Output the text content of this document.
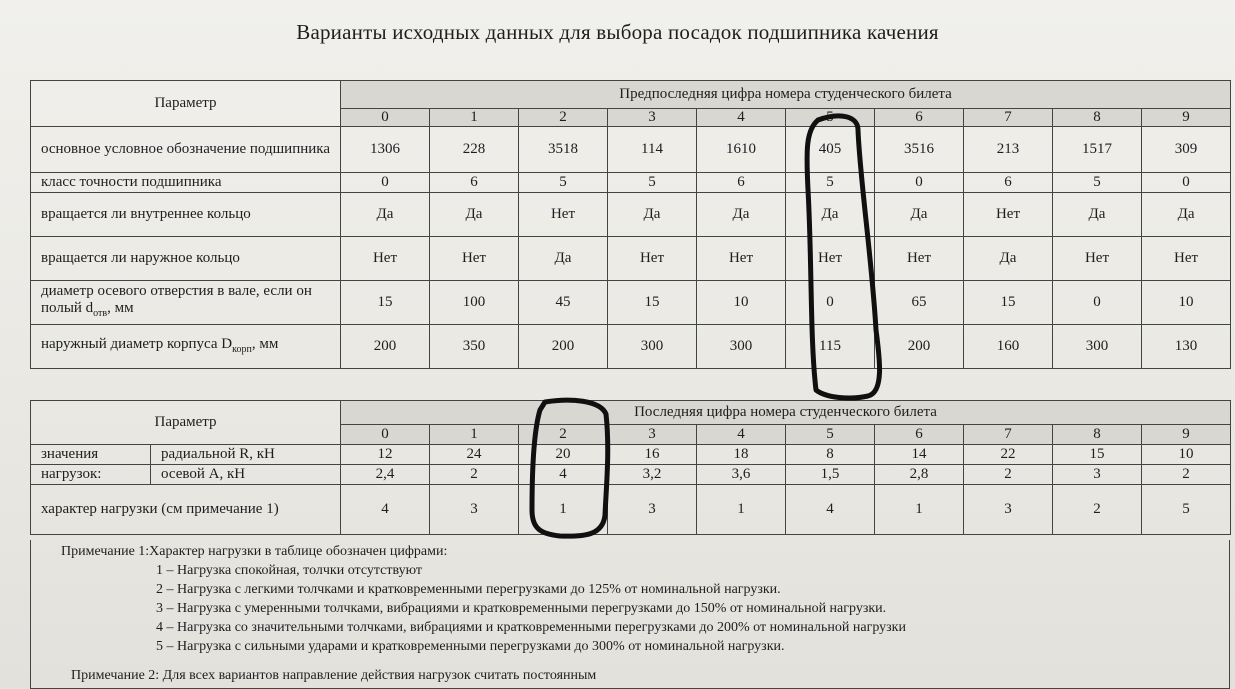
Варианты исходных данных для выбора посадок подшипника качения
Параметр	Предпоследняя цифра номера студенческого билета									
	0	1	2	3	4	5	6	7	8	9
основное условное обозначение подшипника	1306	228	3518	114	1610	405	3516	213	1517	309
класс точности подшипника	0	6	5	5	6	5	0	6	5	0
вращается ли внутреннее кольцо	Да	Да	Нет	Да	Да	Да	Да	Нет	Да	Да
вращается ли наружное кольцо	Нет	Нет	Да	Нет	Нет	Нет	Нет	Да	Нет	Нет
диаметр осевого отверстия в вале, если он полый $d_{отв}$, мм	15	100	45	15	10	0	65	15	0	10
наружный диаметр корпуса $D_{корп}$, мм	200	350	200	300	300	115	200	160	300	130
Параметр		Последняя цифра номера студенческого билета									
		0	1	2	3	4	5	6	7	8	9
значения	радиальной R, кН	12	24	20	16	18	8	14	22	15	10
нагрузок:	осевой A, кН	2,4	2	4	3,2	3,6	1,5	2,8	2	3	2
характер нагрузки (см примечание 1)		4	3	1	3	1	4	1	3	2	5
Примечание 1:Характер нагрузки в таблице обозначен цифрами:
1 – Нагрузка спокойная, толчки отсутствуют
2 – Нагрузка с легкими толчками и кратковременными перегрузками до 125% от номинальной нагрузки.
3 – Нагрузка с умеренными толчками, вибрациями и кратковременными перегрузками до 150% от номинальной нагрузки.
4 – Нагрузка со значительными толчками, вибрациями и кратковременными перегрузками до 200% от номинальной нагрузки
5 – Нагрузка с сильными ударами и кратковременными перегрузками до 300% от номинальной нагрузки.
Примечание 2: Для всех вариантов направление действия нагрузок считать постоянным
